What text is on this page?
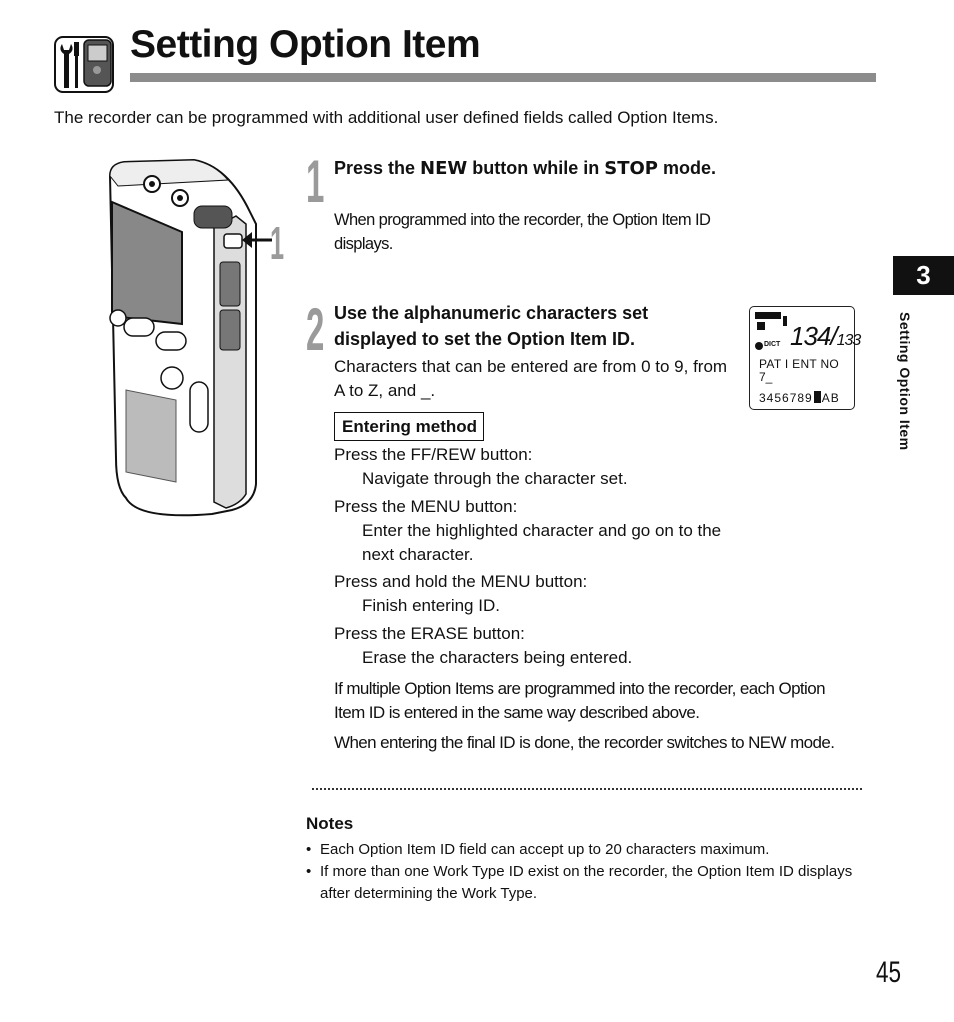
Setting Option Item

The recorder can be programmed with additional user defined fields called Option Items.

1
1 Press the NEW button while in STOP mode.

When programmed into the recorder, the Option Item ID displays.

2 Use the alphanumeric characters set displayed to set the Option Item ID.

Characters that can be entered are from 0 to 9, from A to Z, and _.

DICT 134/133
PAT I ENT NO
7_
3456789 AB
Entering method
Press the FF/REW button:
Navigate through the character set.
Press the MENU button:
Enter the highlighted character and go on to the next character.
Press and hold the MENU button:
Finish entering ID.
Press the ERASE button:
Erase the characters being entered.

If multiple Option Items are programmed into the recorder, each Option Item ID is entered in the same way described above.

When entering the final ID is done, the recorder switches to NEW mode.

Notes
• Each Option Item ID field can accept up to 20 characters maximum.
• If more than one Work Type ID exist on the recorder, the Option Item ID displays after determining the Work Type.
3
Setting Option Item
45
